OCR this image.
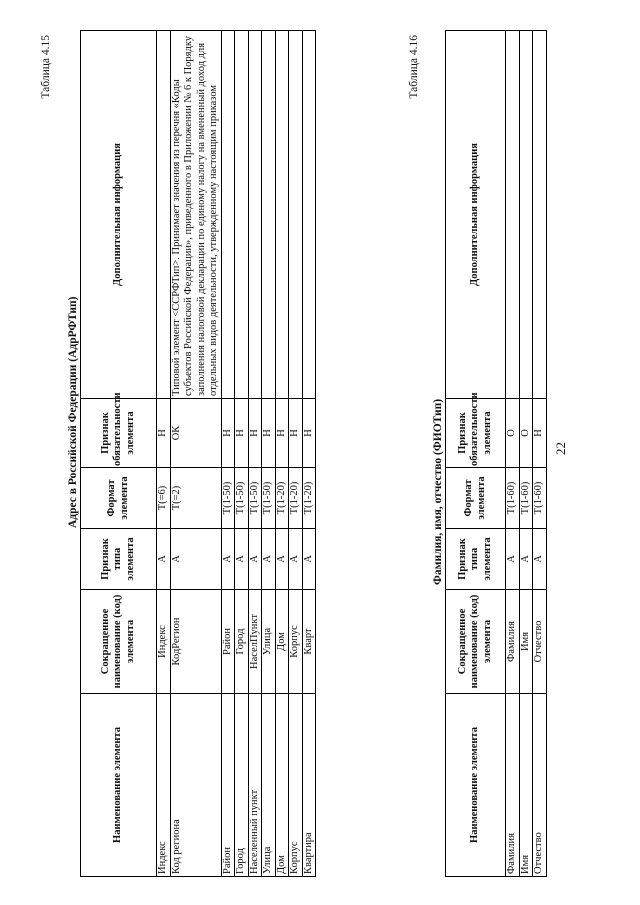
22
Таблица 4.15
Адрес в Российской Федерации (АдрРФТип)
Наименование элемента	Сокращенное наименование (код) элемента	Признак типа элемента	Формат элемента	Признак обязательности элемента	Дополнительная информация
Индекс	Индекс	А	Т(=6)	Н	
Код региона	КодРегион	А	Т(=2)	ОК	Типовой элемент <ССРФТип>. Принимает значения из перечня «Коды субъектов Российской Федерации», приведенного в Приложении № 6 к Порядку заполнения налоговой декларации по единому налогу на вмененный доход для отдельных видов деятельности, утвержденному настоящим приказом
Район	Район	А	Т(1-50)	Н	
Город	Город	А	Т(1-50)	Н	
Населенный пункт	НаселПункт	А	Т(1-50)	Н	
Улица	Улица	А	Т(1-50)	Н	
Дом	Дом	А	Т(1-20)	Н	
Корпус	Корпус	А	Т(1-20)	Н	
Квартира	Кварт	А	Т(1-20)	Н	
Таблица 4.16
Фамилия, имя, отчество (ФИОТип)
Наименование элемента	Сокращенное наименование (код) элемента	Признак типа элемента	Формат элемента	Признак обязательности элемента	Дополнительная информация
Фамилия	Фамилия	А	Т(1-60)	О	
Имя	Имя	А	Т(1-60)	О	
Отчество	Отчество	А	Т(1-60)	Н	
